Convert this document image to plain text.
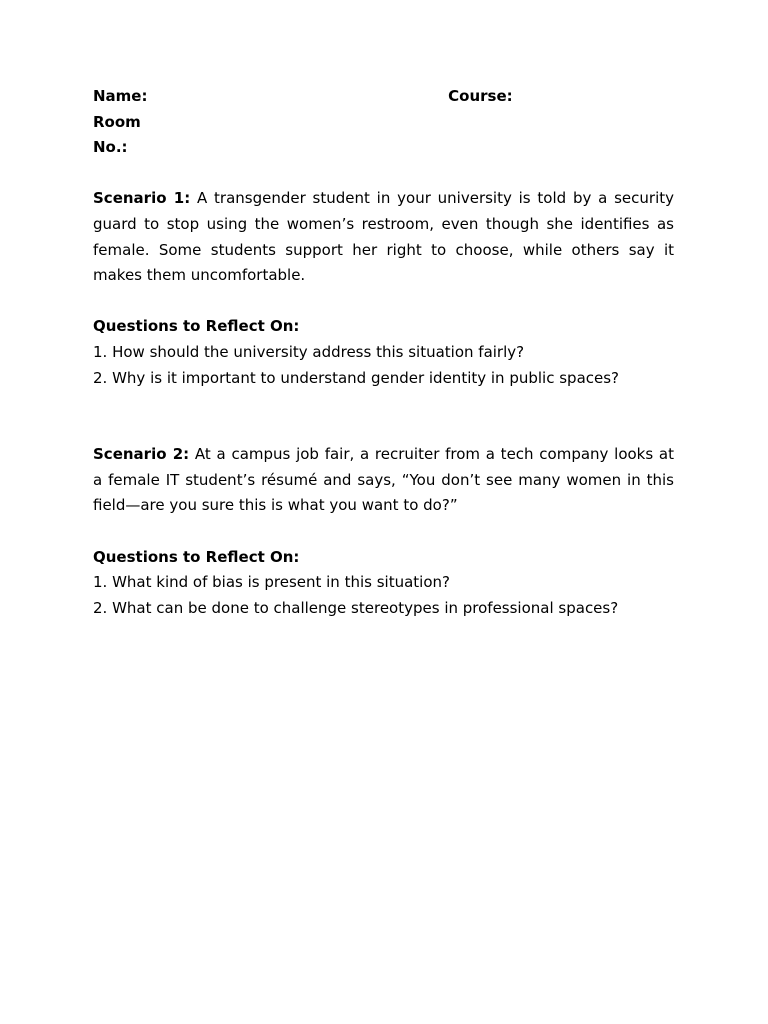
Name:	Course:  Room
No.:

Scenario 1: A transgender student in your university is told by a security guard to stop using the women’s restroom, even though she identifies as female. Some students support her right to choose, while others say it makes them uncomfortable.

Questions to Reflect On:

1. How should the university address this situation fairly?

2. Why is it important to understand gender identity in public spaces?

Scenario 2: At a campus job fair, a recruiter from a tech company looks at a female IT student’s résumé and says, “You don’t see many women in this field—are you sure this is what you want to do?”

Questions to Reflect On:

1. What kind of bias is present in this situation?

2. What can be done to challenge stereotypes in professional spaces?
